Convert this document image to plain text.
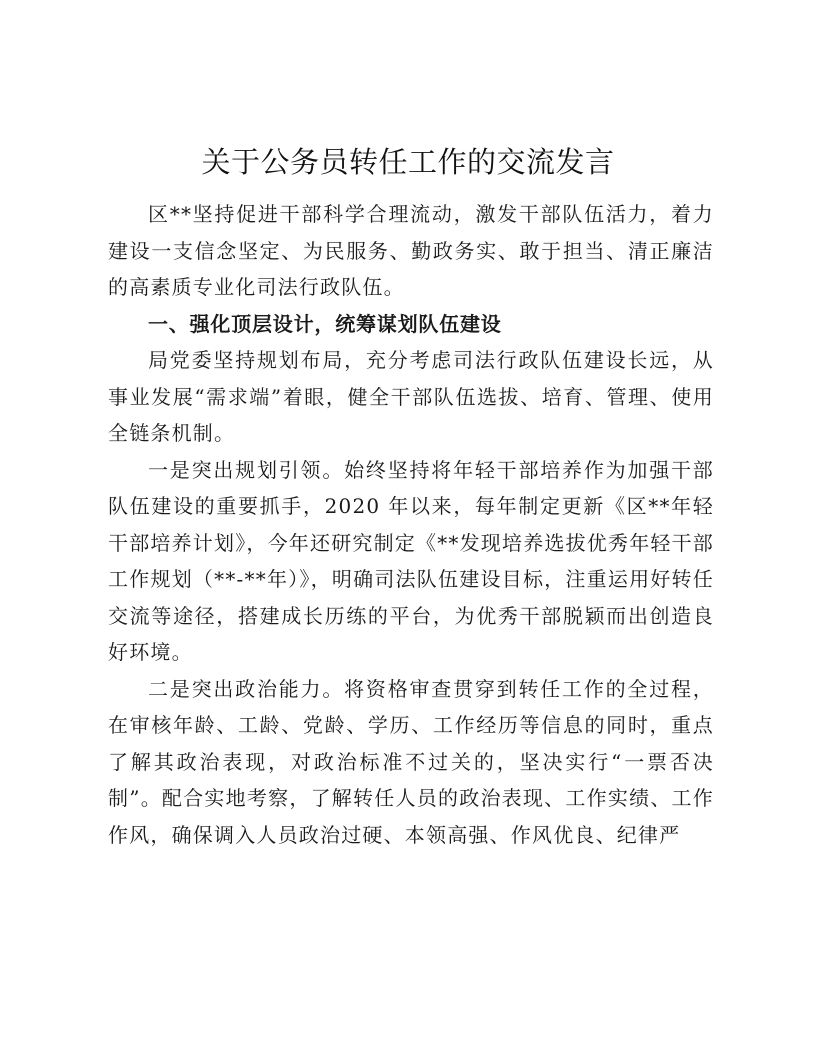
关于公务员转任工作的交流发言

区**坚持促进干部科学合理流动，激发干部队伍活力，着力建设一支信念坚定、为民服务、勤政务实、敢于担当、清正廉洁的高素质专业化司法行政队伍。

一、强化顶层设计，统筹谋划队伍建设

局党委坚持规划布局，充分考虑司法行政队伍建设长远，从事业发展“需求端”着眼，健全干部队伍选拔、培育、管理、使用全链条机制。

一是突出规划引领。始终坚持将年轻干部培养作为加强干部队伍建设的重要抓手，2020 年以来，每年制定更新《区**年轻干部培养计划》，今年还研究制定《**发现培养选拔优秀年轻干部工作规划（**-**年）》，明确司法队伍建设目标，注重运用好转任交流等途径，搭建成长历练的平台，为优秀干部脱颖而出创造良好环境。

二是突出政治能力。将资格审查贯穿到转任工作的全过程，在审核年龄、工龄、党龄、学历、工作经历等信息的同时，重点了解其政治表现，对政治标准不过关的，坚决实行“一票否决制”。配合实地考察，了解转任人员的政治表现、工作实绩、工作作风，确保调入人员政治过硬、本领高强、作风优良、纪律严
